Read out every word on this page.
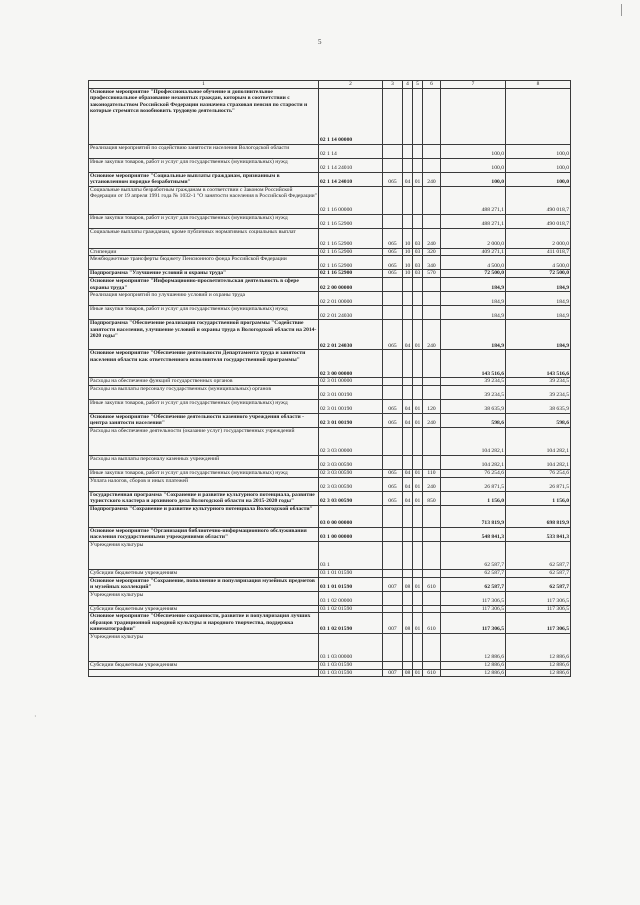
5
·
1	2	3	4	5	6	7	8
Основное мероприятие "Профессиональное обучение и дополнительное профессиональное образование незанятых граждан, которым в соответствии с законодательством Российской Федерации назначена страховая пенсия по старости и которые стремятся возобновить трудовую деятельность"	02 1 14 00000						
Реализация мероприятий по содействию занятости населения Вологодской области	02 1 14					100,0	100,0
Иные закупки товаров, работ и услуг для государственных (муниципальных) нужд	02 1 14 24010					100,0	100,0
Основное мероприятие "Социальные выплаты гражданам, признанным в установленном порядке безработными"	02 1 14 24010	065	04	01	240	100,0	100,0
Социальные выплаты безработным гражданам в соответствии с Законом Российской Федерации от 19 апреля 1991 года № 1032-1 "О занятости населения в Российской Федерации"	02 1 16 00000					488 271,1	490 018,7
Иные закупки товаров, работ и услуг для государственных (муниципальных) нужд	02 1 16 52900					488 271,1	490 018,7
Социальные выплаты гражданам, кроме публичных нормативных социальных выплат	02 1 16 52900	065	10	03	240	2 000,0	2 000,0
Стипендии	02 1 16 52900	065	10	03	320	409 271,1	411 018,7
Межбюджетные трансферты бюджету Пенсионного фонда Российской Федерации	02 1 16 52900	065	10	03	340	4 500,0	4 500,0
Подпрограмма "Улучшение условий и охраны труда"	02 1 16 52900	065	10	03	570	72 500,0	72 500,0
Основное мероприятие "Информационно-просветительская деятельность в сфере охраны труда"	02 2 00 00000					184,9	184,9
Реализация мероприятий по улучшению условий и охраны труда	02 2 01 00000					184,9	184,9
Иные закупки товаров, работ и услуг для государственных (муниципальных) нужд	02 2 01 24030					184,9	184,9
Подпрограмма "Обеспечение реализации государственной программы "Содействие занятости населения, улучшение условий и охраны труда в Вологодской области на 2014-2020 годы"	02 2 01 24030	065	04	01	240	184,9	184,9
Основное мероприятие "Обеспечение деятельности Департамента труда и занятости населения области как ответственного исполнителя государственной программы"	02 3 00 00000					143 516,6	143 516,6
Расходы на обеспечение функций государственных органов	02 3 01 00000					39 234,5	39 234,5
Расходы на выплаты персоналу государственных (муниципальных) органов	02 3 01 00190					39 234,5	39 234,5
Иные закупки товаров, работ и услуг для государственных (муниципальных) нужд	02 3 01 00190	065	04	01	120	38 635,9	38 635,9
Основное мероприятие "Обеспечение деятельности казенного учреждения области - центра занятости населения"	02 3 01 00190	065	04	01	240	598,6	598,6
Расходы на обеспечение деятельности (оказание услуг) государственных учреждений	02 3 03 00000					104 282,1	104 282,1
Расходы на выплаты персоналу казенных учреждений	02 3 03 00590					104 282,1	104 282,1
Иные закупки товаров, работ и услуг для государственных (муниципальных) нужд	02 3 03 00590	065	04	01	110	76 254,6	76 254,6
Уплата налогов, сборов и иных платежей	02 3 03 00590	065	04	01	240	26 871,5	26 871,5
Государственная программа "Сохранение и развитие культурного потенциала, развитие туристского кластера и архивного дела Вологодской области на 2015-2020 годы"	02 3 03 00590	065	04	01	850	1 156,0	1 156,0
Подпрограмма "Сохранение и развитие культурного потенциала Вологодской области"	03 0 00 00000					713 819,9	698 819,9
Основное мероприятие "Организация библиотечно-информационного обслуживания населения государственными учреждениями области"	03 1 00 00000					548 841,3	533 841,3
Учреждения культуры	03 1					62 587,7	62 587,7
Субсидии бюджетным учреждениям	03 1 01 01590					62 587,7	62 587,7
Основное мероприятие "Сохранение, пополнение и популяризация музейных предметов и музейных коллекций"	03 1 01 01590	007	08	01	610	62 587,7	62 587,7
Учреждения культуры	03 1 02 00000					117 306,5	117 306,5
Субсидии бюджетным учреждениям	03 1 02 01590					117 306,5	117 306,5
Основное мероприятие "Обеспечение сохранности, развитие и популяризация лучших образцов традиционной народной культуры и народного творчества, поддержка кинематографии"	03 1 02 01590	007	08	01	610	117 306,5	117 306,5
Учреждения культуры	03 1 03 00000					12 886,6	12 886,6
Субсидии бюджетным учреждениям	03 1 03 01590					12 886,6	12 886,6
	03 1 03 01590	007	08	01	610	12 886,6	12 886,6
